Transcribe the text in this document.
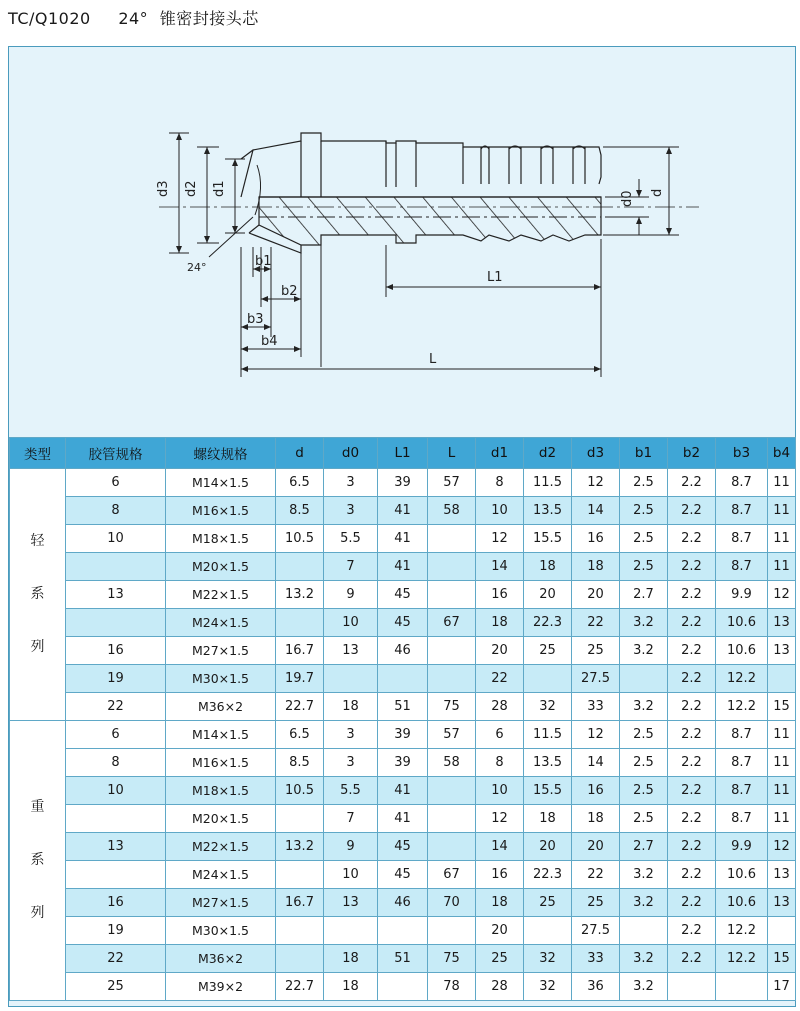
TC/Q1020 24° 锥密封接头芯
d3 d2 d1
d0 d
24°	b1
b2
b3
b4
L1
L
类型	胶管规格	螺纹规格	d	d0	L1	L	d1	d2	d3	b1	b2	b3	b4

轻
系
列	6	M14×1.5	6.5	3	39	57	8	11.5	12	2.5	2.2	8.7	11
	8	M16×1.5	8.5	3	41	58	10	13.5	14	2.5	2.2	8.7	11
	10	M18×1.5	10.5	5.5	41		12	15.5	16	2.5	2.2	8.7	11
		M20×1.5		7	41		14	18	18	2.5	2.2	8.7	11
	13	M22×1.5	13.2	9	45		16	20	20	2.7	2.2	9.9	12
		M24×1.5		10	45	67	18	22.3	22	3.2	2.2	10.6	13
	16	M27×1.5	16.7	13	46		20	25	25	3.2	2.2	10.6	13
	19	M30×1.5	19.7				22		27.5		2.2	12.2	
	22	M36×2	22.7	18	51	75	28	32	33	3.2	2.2	12.2	15

重
系
列	6	M14×1.5	6.5	3	39	57	6	11.5	12	2.5	2.2	8.7	11
	8	M16×1.5	8.5	3	39	58	8	13.5	14	2.5	2.2	8.7	11
	10	M18×1.5	10.5	5.5	41		10	15.5	16	2.5	2.2	8.7	11
		M20×1.5		7	41		12	18	18	2.5	2.2	8.7	11
	13	M22×1.5	13.2	9	45		14	20	20	2.7	2.2	9.9	12
		M24×1.5		10	45	67	16	22.3	22	3.2	2.2	10.6	13
	16	M27×1.5	16.7	13	46	70	18	25	25	3.2	2.2	10.6	13
	19	M30×1.5					20		27.5		2.2	12.2	
	22	M36×2		18	51	75	25	32	33	3.2	2.2	12.2	15
	25	M39×2	22.7	18		78	28	32	36	3.2			17
